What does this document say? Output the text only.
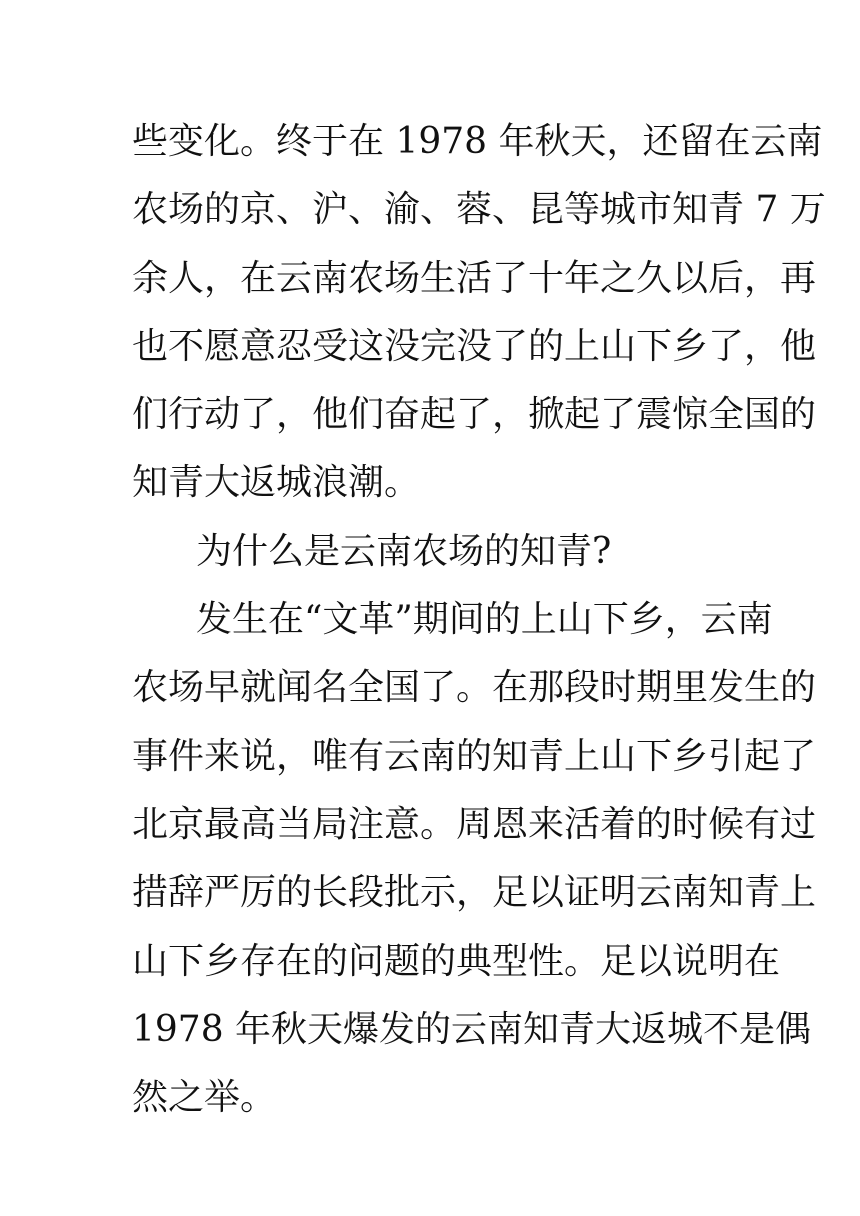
些变化。终于在 1978 年秋天，还留在云南
农场的京、沪、渝、蓉、昆等城市知青 7 万
余人，在云南农场生活了十年之久以后，再
也不愿意忍受这没完没了的上山下乡了，他
们行动了，他们奋起了，掀起了震惊全国的
知青大返城浪潮。
为什么是云南农场的知青?
发生在“文革”期间的上山下乡，云南
农场早就闻名全国了。在那段时期里发生的
事件来说，唯有云南的知青上山下乡引起了
北京最高当局注意。周恩来活着的时候有过
措辞严厉的长段批示，足以证明云南知青上
山下乡存在的问题的典型性。足以说明在
1978 年秋天爆发的云南知青大返城不是偶
然之举。
